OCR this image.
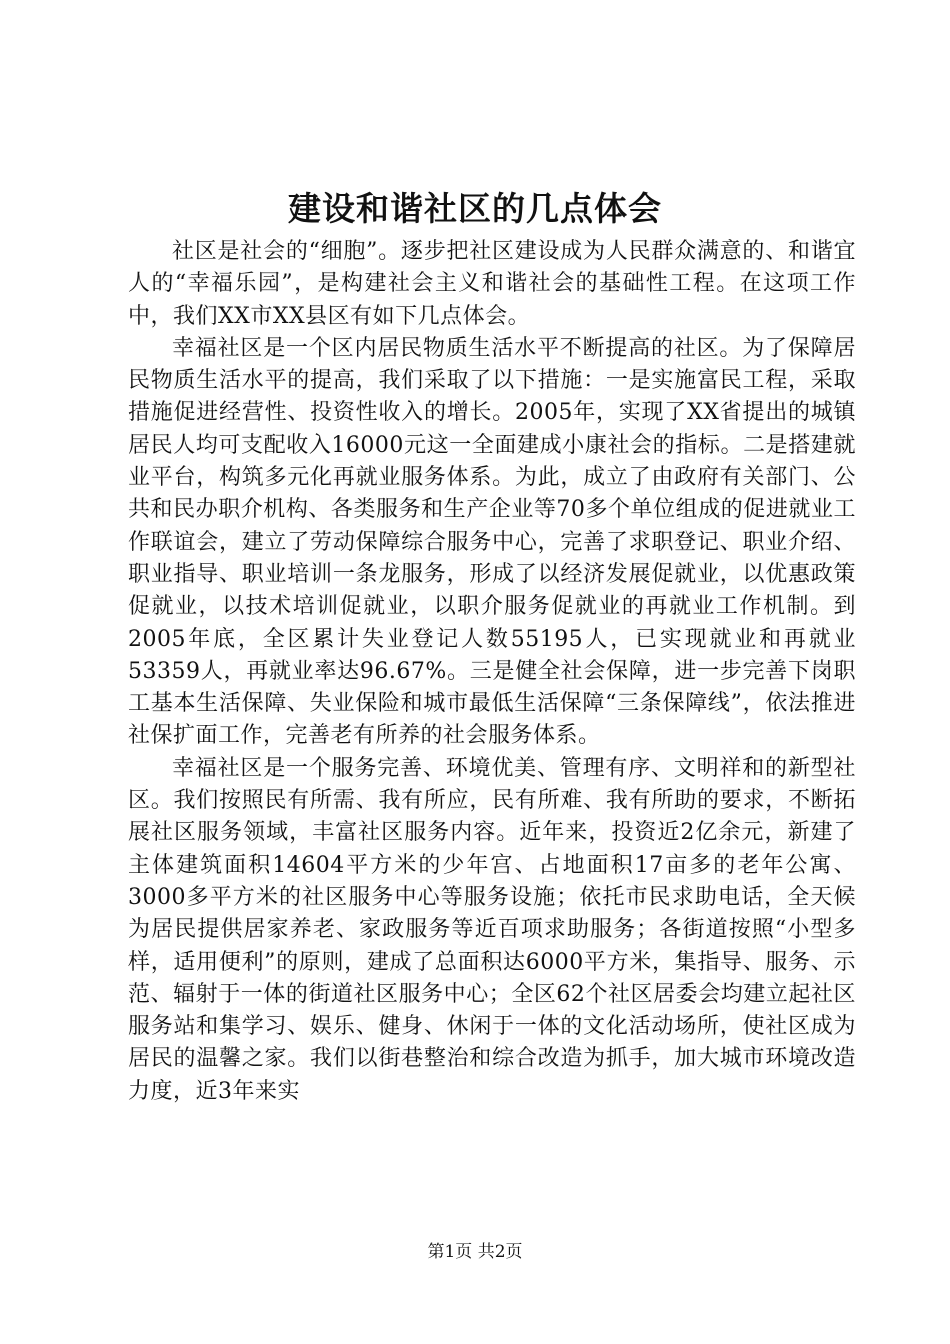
建设和谐社区的几点体会

社区是社会的“细胞”。逐步把社区建设成为人民群众满意的、和谐宜人的“幸福乐园”，是构建社会主义和谐社会的基础性工程。在这项工作中，我们XX市XX县区有如下几点体会。

幸福社区是一个区内居民物质生活水平不断提高的社区。为了保障居民物质生活水平的提高，我们采取了以下措施：一是实施富民工程，采取措施促进经营性、投资性收入的增长。2005年，实现了XX省提出的城镇居民人均可支配收入16000元这一全面建成小康社会的指标。二是搭建就业平台，构筑多元化再就业服务体系。为此，成立了由政府有关部门、公共和民办职介机构、各类服务和生产企业等70多个单位组成的促进就业工作联谊会，建立了劳动保障综合服务中心，完善了求职登记、职业介绍、职业指导、职业培训一条龙服务，形成了以经济发展促就业，以优惠政策促就业，以技术培训促就业，以职介服务促就业的再就业工作机制。到2005年底，全区累计失业登记人数55195人，已实现就业和再就业53359人，再就业率达96.67%。三是健全社会保障，进一步完善下岗职工基本生活保障、失业保险和城市最低生活保障“三条保障线”，依法推进社保扩面工作，完善老有所养的社会服务体系。

幸福社区是一个服务完善、环境优美、管理有序、文明祥和的新型社区。我们按照民有所需、我有所应，民有所难、我有所助的要求，不断拓展社区服务领域，丰富社区服务内容。近年来，投资近2亿余元，新建了主体建筑面积14604平方米的少年宫、占地面积17亩多的老年公寓、3000多平方米的社区服务中心等服务设施；依托市民求助电话，全天候为居民提供居家养老、家政服务等近百项求助服务；各街道按照“小型多样，适用便利”的原则，建成了总面积达6000平方米，集指导、服务、示范、辐射于一体的街道社区服务中心；全区62个社区居委会均建立起社区服务站和集学习、娱乐、健身、休闲于一体的文化活动场所，使社区成为居民的温馨之家。我们以街巷整治和综合改造为抓手，加大城市环境改造力度，近3年来实

第1页 共2页
